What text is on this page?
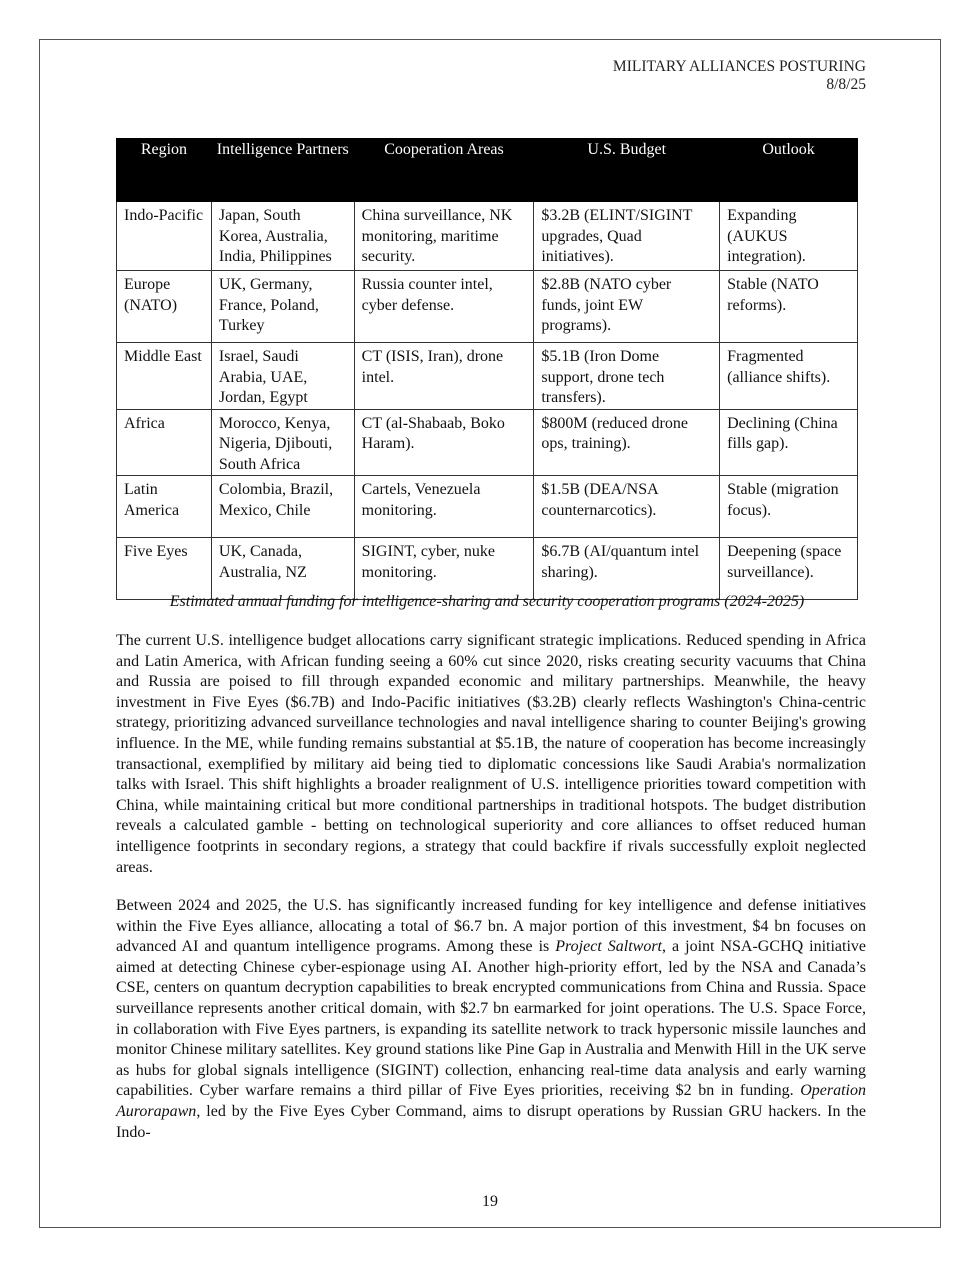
MILITARY ALLIANCES POSTURING
8/8/25
Region	Intelligence Partners	Cooperation Areas	U.S. Budget	Outlook
Indo-Pacific	Japan, South Korea, Australia, India, Philippines	China surveillance, NK monitoring, maritime security.	$3.2B (ELINT/SIGINT upgrades, Quad initiatives).	Expanding (AUKUS integration).
Europe (NATO)	UK, Germany, France, Poland, Turkey	Russia counter intel, cyber defense.	$2.8B (NATO cyber funds, joint EW programs).	Stable (NATO reforms).
Middle East	Israel, Saudi Arabia, UAE, Jordan, Egypt	CT (ISIS, Iran), drone intel.	$5.1B (Iron Dome support, drone tech transfers).	Fragmented (alliance shifts).
Africa	Morocco, Kenya, Nigeria, Djibouti, South Africa	CT (al-Shabaab, Boko Haram).	$800M (reduced drone ops, training).	Declining (China fills gap).
Latin America	Colombia, Brazil, Mexico, Chile	Cartels, Venezuela monitoring.	$1.5B (DEA/NSA counternarcotics).	Stable (migration focus).
Five Eyes	UK, Canada, Australia, NZ	SIGINT, cyber, nuke monitoring.	$6.7B (AI/quantum intel sharing).	Deepening (space surveillance).
Estimated annual funding for intelligence-sharing and security cooperation programs (2024-2025)

The current U.S. intelligence budget allocations carry significant strategic implications. Reduced spending in Africa and Latin America, with African funding seeing a 60% cut since 2020, risks creating security vacuums that China and Russia are poised to fill through expanded economic and military partnerships. Meanwhile, the heavy investment in Five Eyes ($6.7B) and Indo-Pacific initiatives ($3.2B) clearly reflects Washington's China-centric strategy, prioritizing advanced surveillance technologies and naval intelligence sharing to counter Beijing's growing influence. In the ME, while funding remains substantial at $5.1B, the nature of cooperation has become increasingly transactional, exemplified by military aid being tied to diplomatic concessions like Saudi Arabia's normalization talks with Israel. This shift highlights a broader realignment of U.S. intelligence priorities toward competition with China, while maintaining critical but more conditional partnerships in traditional hotspots. The budget distribution reveals a calculated gamble - betting on technological superiority and core alliances to offset reduced human intelligence footprints in secondary regions, a strategy that could backfire if rivals successfully exploit neglected areas.

Between 2024 and 2025, the U.S. has significantly increased funding for key intelligence and defense initiatives within the Five Eyes alliance, allocating a total of $6.7 bn. A major portion of this investment, $4 bn focuses on advanced AI and quantum intelligence programs. Among these is Project Saltwort, a joint NSA-GCHQ initiative aimed at detecting Chinese cyber-espionage using AI. Another high-priority effort, led by the NSA and Canada’s CSE, centers on quantum decryption capabilities to break encrypted communications from China and Russia. Space surveillance represents another critical domain, with $2.7 bn earmarked for joint operations. The U.S. Space Force, in collaboration with Five Eyes partners, is expanding its satellite network to track hypersonic missile launches and monitor Chinese military satellites. Key ground stations like Pine Gap in Australia and Menwith Hill in the UK serve as hubs for global signals intelligence (SIGINT) collection, enhancing real-time data analysis and early warning capabilities. Cyber warfare remains a third pillar of Five Eyes priorities, receiving $2 bn in funding. Operation Aurorapawn, led by the Five Eyes Cyber Command, aims to disrupt operations by Russian GRU hackers. In the Indo-

19
